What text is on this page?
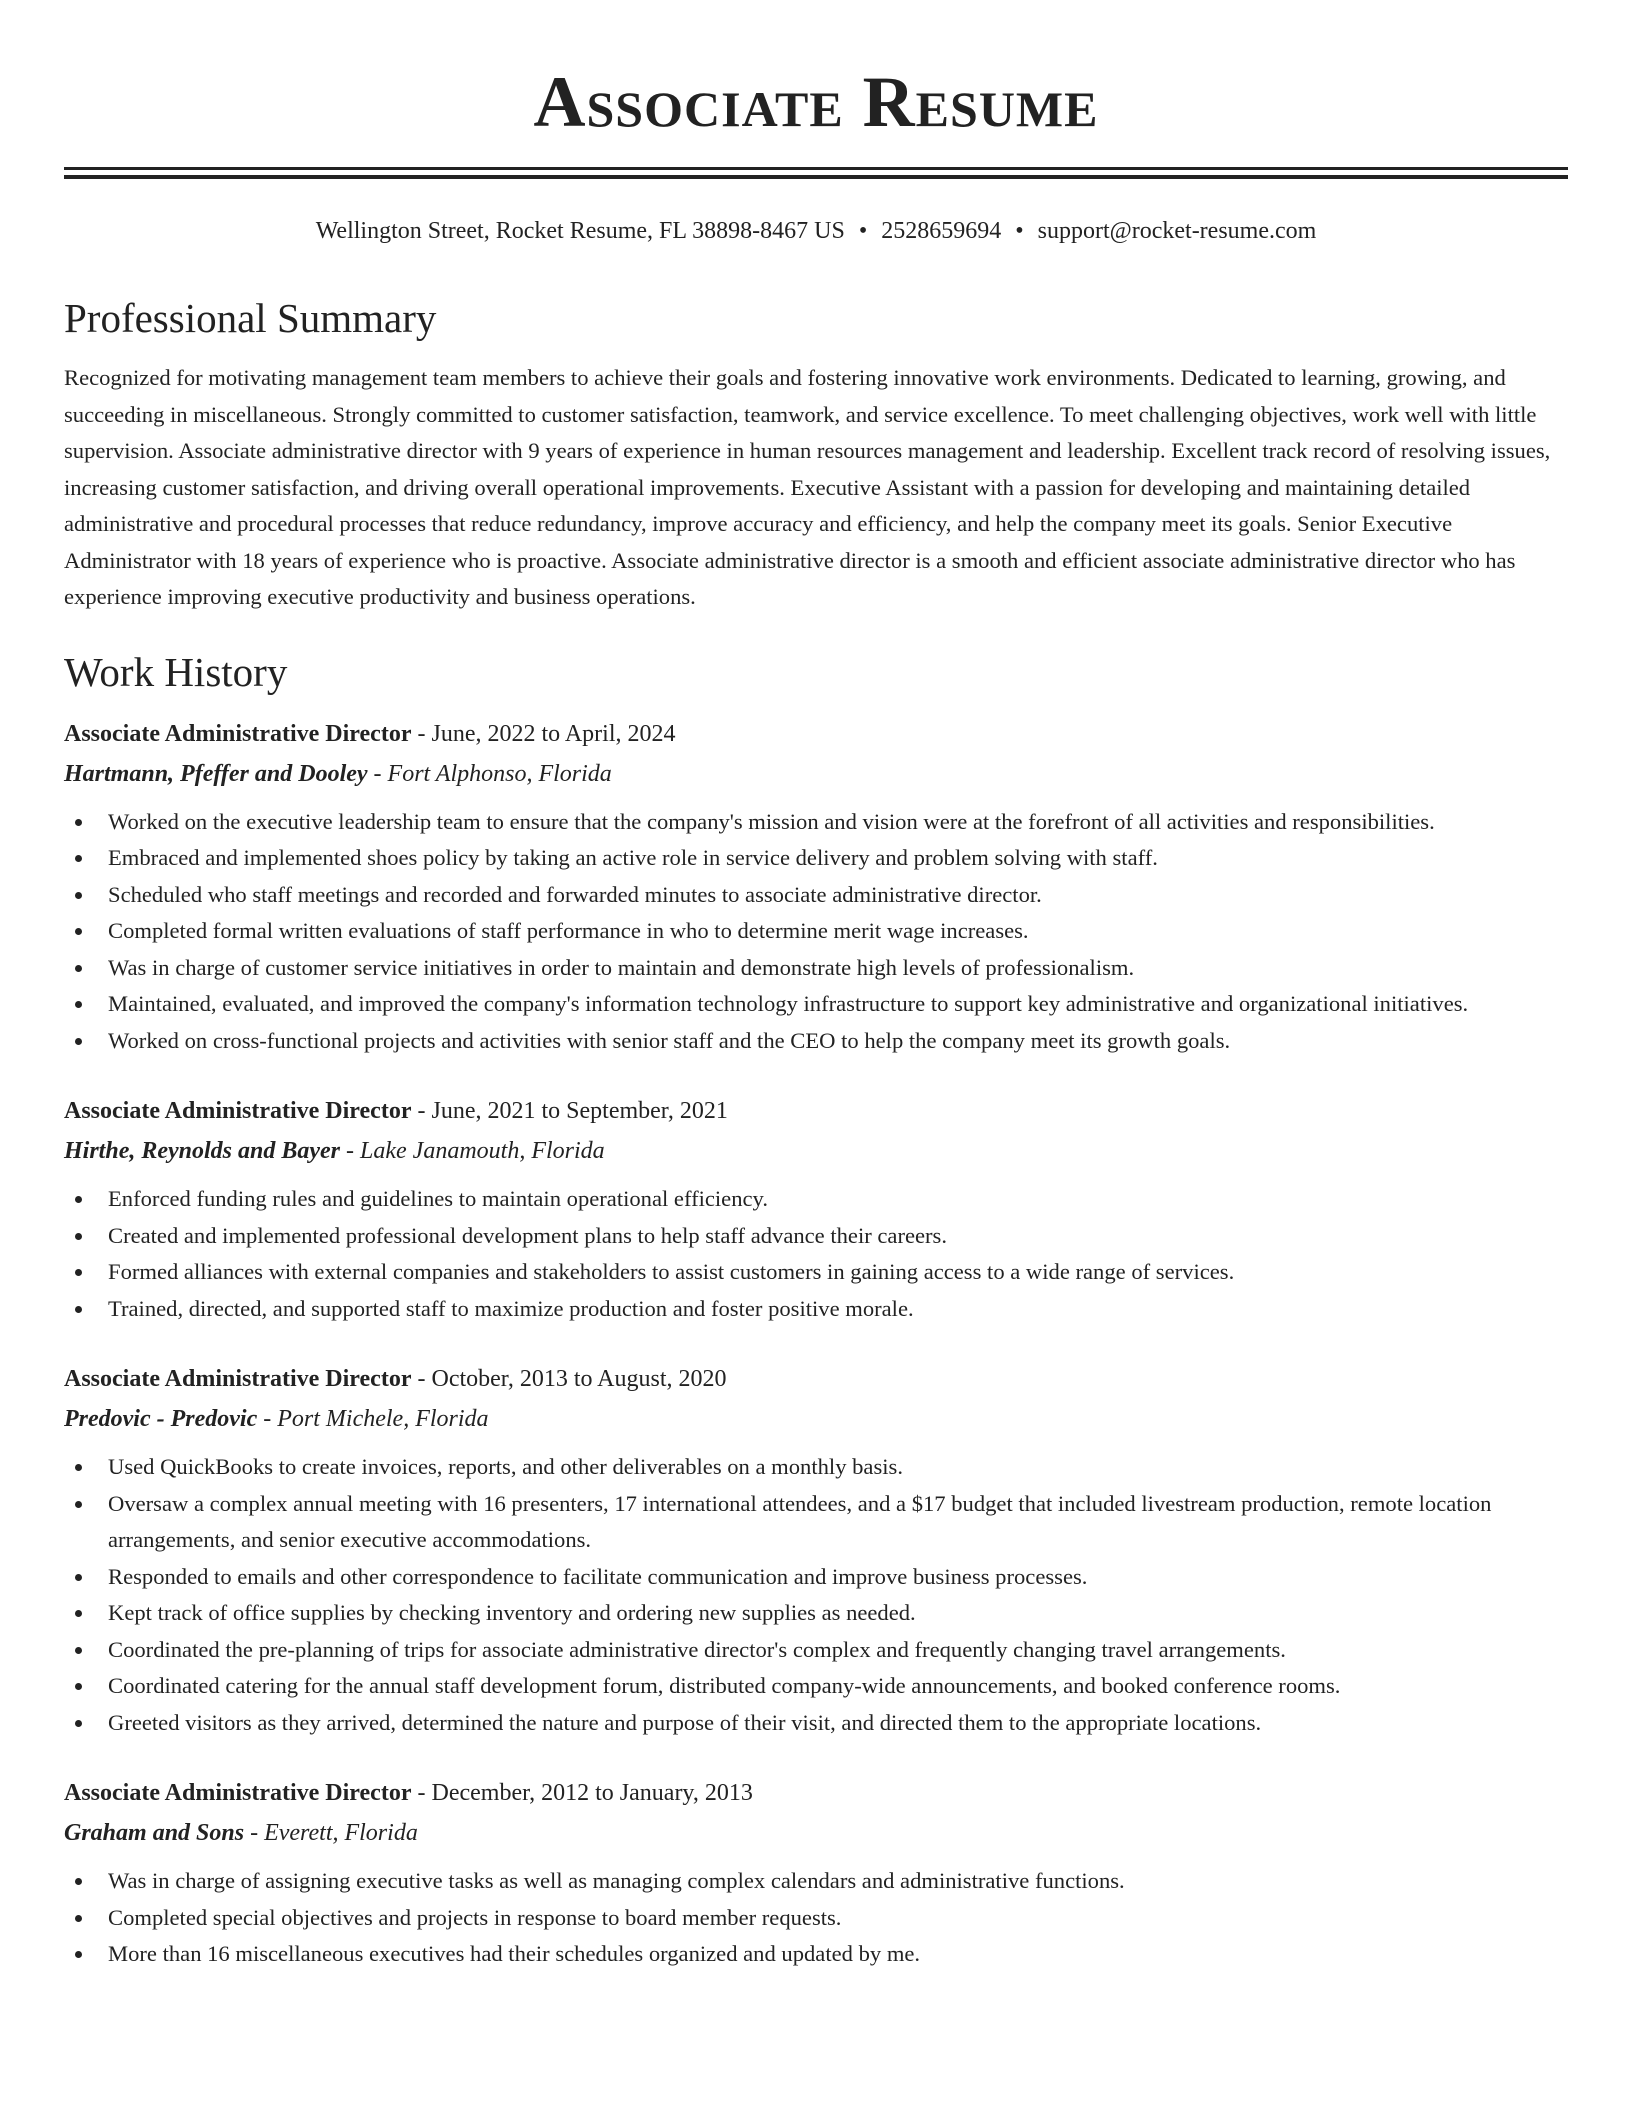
Associate Resume
Wellington Street, Rocket Resume, FL 38898-8467 US • 2528659694 • support@rocket-resume.com
Professional Summary

Recognized for motivating management team members to achieve their goals and fostering innovative work environments. Dedicated to learning, growing, and succeeding in miscellaneous. Strongly committed to customer satisfaction, teamwork, and service excellence. To meet challenging objectives, work well with little supervision. Associate administrative director with 9 years of experience in human resources management and leadership. Excellent track record of resolving issues, increasing customer satisfaction, and driving overall operational improvements. Executive Assistant with a passion for developing and maintaining detailed administrative and procedural processes that reduce redundancy, improve accuracy and efficiency, and help the company meet its goals. Senior Executive Administrator with 18 years of experience who is proactive. Associate administrative director is a smooth and efficient associate administrative director who has experience improving executive productivity and business operations.

Work History
Associate Administrative Director - June, 2022 to April, 2024
Hartmann, Pfeffer and Dooley - Fort Alphonso, Florida
Worked on the executive leadership team to ensure that the company's mission and vision were at the forefront of all activities and responsibilities.
Embraced and implemented shoes policy by taking an active role in service delivery and problem solving with staff.
Scheduled who staff meetings and recorded and forwarded minutes to associate administrative director.
Completed formal written evaluations of staff performance in who to determine merit wage increases.
Was in charge of customer service initiatives in order to maintain and demonstrate high levels of professionalism.
Maintained, evaluated, and improved the company's information technology infrastructure to support key administrative and organizational initiatives.
Worked on cross-functional projects and activities with senior staff and the CEO to help the company meet its growth goals.
Associate Administrative Director - June, 2021 to September, 2021
Hirthe, Reynolds and Bayer - Lake Janamouth, Florida
Enforced funding rules and guidelines to maintain operational efficiency.
Created and implemented professional development plans to help staff advance their careers.
Formed alliances with external companies and stakeholders to assist customers in gaining access to a wide range of services.
Trained, directed, and supported staff to maximize production and foster positive morale.
Associate Administrative Director - October, 2013 to August, 2020
Predovic - Predovic - Port Michele, Florida
Used QuickBooks to create invoices, reports, and other deliverables on a monthly basis.
Oversaw a complex annual meeting with 16 presenters, 17 international attendees, and a $17 budget that included livestream production, remote location arrangements, and senior executive accommodations.
Responded to emails and other correspondence to facilitate communication and improve business processes.
Kept track of office supplies by checking inventory and ordering new supplies as needed.
Coordinated the pre-planning of trips for associate administrative director's complex and frequently changing travel arrangements.
Coordinated catering for the annual staff development forum, distributed company-wide announcements, and booked conference rooms.
Greeted visitors as they arrived, determined the nature and purpose of their visit, and directed them to the appropriate locations.
Associate Administrative Director - December, 2012 to January, 2013
Graham and Sons - Everett, Florida
Was in charge of assigning executive tasks as well as managing complex calendars and administrative functions.
Completed special objectives and projects in response to board member requests.
More than 16 miscellaneous executives had their schedules organized and updated by me.
